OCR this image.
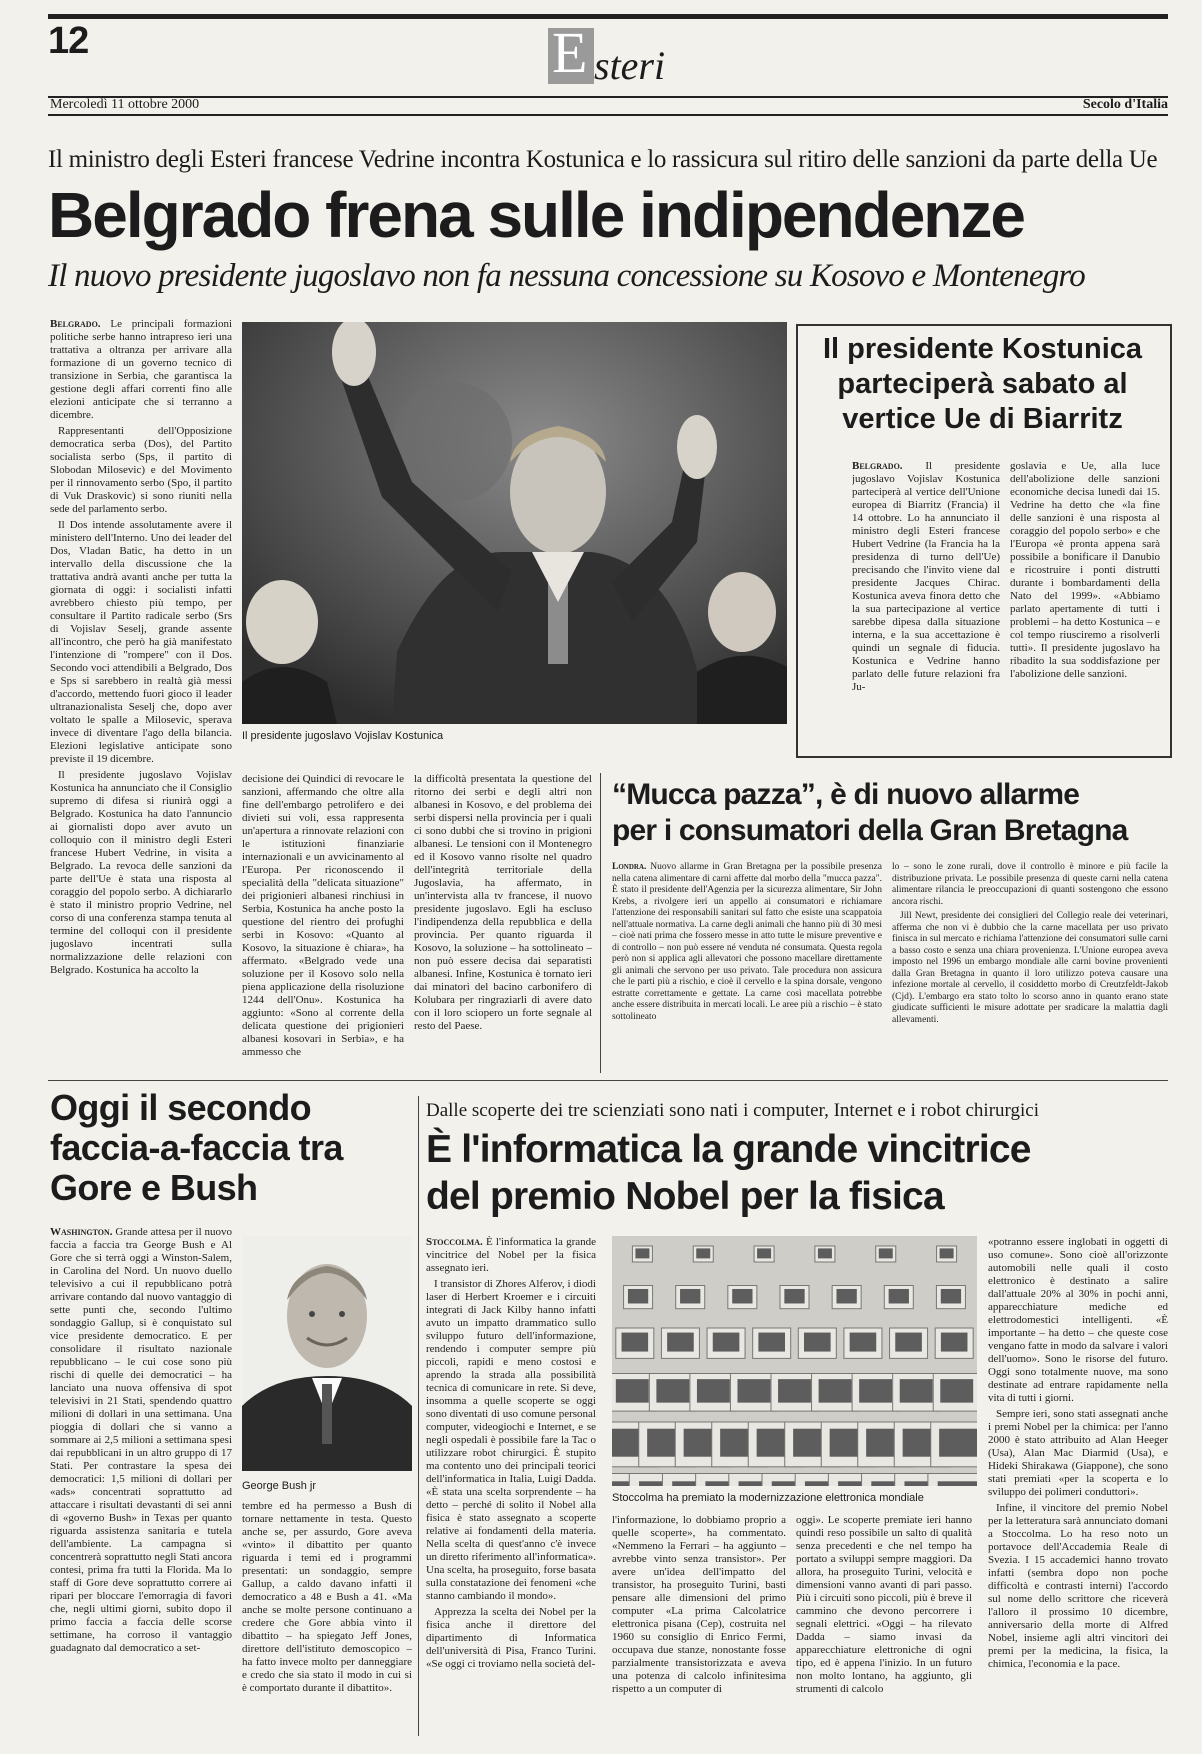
12	E steri
Mercoledì 11 ottobre 2000	Secolo d'Italia
Il ministro degli Esteri francese Vedrine incontra Kostunica e lo rassicura sul ritiro delle sanzioni da parte della Ue
Belgrado frena sulle indipendenze
Il nuovo presidente jugoslavo non fa nessuna concessione su Kosovo e Montenegro

Belgrado. Le principali formazioni politiche serbe hanno intrapreso ieri una trattativa a oltranza per arrivare alla formazione di un governo tecnico di transizione in Serbia, che garantisca la gestione degli affari correnti fino alle elezioni anticipate che si terranno a dicembre.

Rappresentanti dell'Opposizione democratica serba (Dos), del Partito socialista serbo (Sps, il partito di Slobodan Milosevic) e del Movimento per il rinnovamento serbo (Spo, il partito di Vuk Draskovic) si sono riuniti nella sede del parlamento serbo.

Il Dos intende assolutamente avere il ministero dell'Interno. Uno dei leader del Dos, Vladan Batic, ha detto in un intervallo della discussione che la trattativa andrà avanti anche per tutta la giornata di oggi: i socialisti infatti avrebbero chiesto più tempo, per consultare il Partito radicale serbo (Srs di Vojislav Seselj, grande assente all'incontro, che però ha già manifestato l'intenzione di "rompere" con il Dos. Secondo voci attendibili a Belgrado, Dos e Sps si sarebbero in realtà già messi d'accordo, mettendo fuori gioco il leader ultranazionalista Seselj che, dopo aver voltato le spalle a Milosevic, sperava invece di diventare l'ago della bilancia. Elezioni legislative anticipate sono previste il 19 dicembre.

Il presidente jugoslavo Vojislav Kostunica ha annunciato che il Consiglio supremo di difesa si riunirà oggi a Belgrado. Kostunica ha dato l'annuncio ai giornalisti dopo aver avuto un colloquio con il ministro degli Esteri francese Hubert Vedrine, in visita a Belgrado. La revoca delle sanzioni da parte dell'Ue è stata una risposta al coraggio del popolo serbo. A dichiararlo è stato il ministro proprio Vedrine, nel corso di una conferenza stampa tenuta al termine del colloqui con il presidente jugoslavo incentrati sulla normalizzazione delle relazioni con Belgrado. Kostunica ha accolto la

Il presidente jugoslavo Vojislav Kostunica

decisione dei Quindici di revocare le sanzioni, affermando che oltre alla fine dell'embargo petrolifero e dei divieti sui voli, essa rappresenta un'apertura a rinnovate relazioni con le istituzioni finanziarie internazionali e un avvicinamento al l'Europa. Per riconoscendo il specialità della "delicata situazione" dei prigionieri albanesi rinchiusi in Serbia, Kostunica ha anche posto la questione del rientro dei profughi serbi in Kosovo: «Quanto al Kosovo, la situazione è chiara», ha affermato. «Belgrado vede una soluzione per il Kosovo solo nella piena applicazione della risoluzione 1244 dell'Onu». Kostunica ha aggiunto: «Sono al corrente della delicata questione dei prigionieri albanesi kosovari in Serbia», e ha ammesso che

la difficoltà presentata la questione del ritorno dei serbi e degli altri non albanesi in Kosovo, e del problema dei serbi dispersi nella provincia per i quali ci sono dubbi che si trovino in prigioni albanesi. Le tensioni con il Montenegro ed il Kosovo vanno risolte nel quadro dell'integrità territoriale della Jugoslavia, ha affermato, in un'intervista alla tv francese, il nuovo presidente jugoslavo. Egli ha escluso l'indipendenza della repubblica e della provincia. Per quanto riguarda il Kosovo, la soluzione – ha sottolineato – non può essere decisa dai separatisti albanesi. Infine, Kostunica è tornato ieri dai minatori del bacino carbonifero di Kolubara per ringraziarli di avere dato con il loro sciopero un forte segnale al resto del Paese.

Il presidente Kostunica parteciperà sabato al vertice Ue di Biarritz

Belgrado. Il presidente jugoslavo Vojislav Kostunica parteciperà al vertice dell'Unione europea di Biarritz (Francia) il 14 ottobre. Lo ha annunciato il ministro degli Esteri francese Hubert Vedrine (la Francia ha la presidenza di turno dell'Ue) precisando che l'invito viene dal presidente Jacques Chirac. Kostunica aveva finora detto che la sua partecipazione al vertice sarebbe dipesa dalla situazione interna, e la sua accettazione è quindi un segnale di fiducia. Kostunica e Vedrine hanno parlato delle future relazioni fra Ju-

goslavia e Ue, alla luce dell'abolizione delle sanzioni economiche decisa lunedì dai 15. Vedrine ha detto che «la fine delle sanzioni è una risposta al coraggio del popolo serbo» e che l'Europa «è pronta appena sarà possibile a bonificare il Danubio e ricostruire i ponti distrutti durante i bombardamenti della Nato del 1999». «Abbiamo parlato apertamente di tutti i problemi – ha detto Kostunica – e col tempo riusciremo a risolverli tutti». Il presidente jugoslavo ha ribadito la sua soddisfazione per l'abolizione delle sanzioni.

“Mucca pazza”, è di nuovo allarme
per i consumatori della Gran Bretagna

Londra. Nuovo allarme in Gran Bretagna per la possibile presenza nella catena alimentare di carni affette dal morbo della "mucca pazza". È stato il presidente dell'Agenzia per la sicurezza alimentare, Sir John Krebs, a rivolgere ieri un appello ai consumatori e richiamare l'attenzione dei responsabili sanitari sul fatto che esiste una scappatoia nell'attuale normativa. La carne degli animali che hanno più di 30 mesi – cioè nati prima che fossero messe in atto tutte le misure preventive e di controllo – non può essere né venduta né consumata. Questa regola però non si applica agli allevatori che possono macellare direttamente gli animali che servono per uso privato. Tale procedura non assicura che le parti più a rischio, e cioè il cervello e la spina dorsale, vengono estratte correttamente e gettate. La carne così macellata potrebbe anche essere distribuita in mercati locali. Le aree più a rischio – è stato sottolineato

lo – sono le zone rurali, dove il controllo è minore e più facile la distribuzione privata. Le possibile presenza di queste carni nella catena alimentare rilancia le preoccupazioni di quanti sostengono che essono ancora rischi.

Jill Newt, presidente dei consiglieri del Collegio reale dei veterinari, afferma che non vi è dubbio che la carne macellata per uso privato finisca in sul mercato e richiama l'attenzione dei consumatori sulle carni a basso costo e senza una chiara provenienza. L'Unione europea aveva imposto nel 1996 un embargo mondiale alle carni bovine provenienti dalla Gran Bretagna in quanto il loro utilizzo poteva causare una infezione mortale al cervello, il cosiddetto morbo di Creutzfeldt-Jakob (Cjd). L'embargo era stato tolto lo scorso anno in quanto erano state giudicate sufficienti le misure adottate per sradicare la malattia dagli allevamenti.

Oggi il secondo faccia-a-faccia tra Gore e Bush

Washington. Grande attesa per il nuovo faccia a faccia tra George Bush e Al Gore che si terrà oggi a Winston-Salem, in Carolina del Nord. Un nuovo duello televisivo a cui il repubblicano potrà arrivare contando dal nuovo vantaggio di sette punti che, secondo l'ultimo sondaggio Gallup, si è conquistato sul vice presidente democratico. E per consolidare il risultato nazionale repubblicano – le cui cose sono più rischi di quelle dei democratici – ha lanciato una nuova offensiva di spot televisivi in 21 Stati, spendendo quattro milioni di dollari in una settimana. Una pioggia di dollari che si vanno a sommare ai 2,5 milioni a settimana spesi dai repubblicani in un altro gruppo di 17 Stati. Per contrastare la spesa dei democratici: 1,5 milioni di dollari per «ads» concentrati soprattutto ad attaccare i risultati devastanti di sei anni di «governo Bush» in Texas per quanto riguarda assistenza sanitaria e tutela dell'ambiente. La campagna si concentrerà soprattutto negli Stati ancora contesi, prima fra tutti la Florida. Ma lo staff di Gore deve soprattutto correre ai ripari per bloccare l'emorragia di favori che, negli ultimi giorni, subito dopo il primo faccia a faccia delle scorse settimane, ha corroso il vantaggio guadagnato dal democratico a set-

George Bush jr

tembre ed ha permesso a Bush di tornare nettamente in testa. Questo anche se, per assurdo, Gore aveva «vinto» il dibattito per quanto riguarda i temi ed i programmi presentati: un sondaggio, sempre Gallup, a caldo davano infatti il democratico a 48 e Bush a 41. «Ma anche se molte persone continuano a credere che Gore abbia vinto il dibattito – ha spiegato Jeff Jones, direttore dell'istituto demoscopico – ha fatto invece molto per danneggiare e credo che sia stato il modo in cui si è comportato durante il dibattito».

Dalle scoperte dei tre scienziati sono nati i computer, Internet e i robot chirurgici
È l'informatica la grande vincitrice
del premio Nobel per la fisica

Stoccolma. È l'informatica la grande vincitrice del Nobel per la fisica assegnato ieri.

I transistor di Zhores Alferov, i diodi laser di Herbert Kroemer e i circuiti integrati di Jack Kilby hanno infatti avuto un impatto drammatico sullo sviluppo futuro dell'informazione, rendendo i computer sempre più piccoli, rapidi e meno costosi e aprendo la strada alla possibilità tecnica di comunicare in rete. Si deve, insomma a quelle scoperte se oggi sono diventati di uso comune personal computer, videogiochi e Internet, e se negli ospedali è possibile fare la Tac o utilizzare robot chirurgici. È stupito ma contento uno dei principali teorici dell'informatica in Italia, Luigi Dadda. «È stata una scelta sorprendente – ha detto – perché di solito il Nobel alla fisica è stato assegnato a scoperte relative ai fondamenti della materia. Nella scelta di quest'anno c'è invece un diretto riferimento all'informatica». Una scelta, ha proseguito, forse basata sulla constatazione dei fenomeni «che stanno cambiando il mondo».

Apprezza la scelta dei Nobel per la fisica anche il direttore del dipartimento di Informatica dell'università di Pisa, Franco Turini. «Se oggi ci troviamo nella società del-

Stoccolma ha premiato la modernizzazione elettronica mondiale

l'informazione, lo dobbiamo proprio a quelle scoperte», ha commentato. «Nemmeno la Ferrari – ha aggiunto – avrebbe vinto senza transistor». Per avere un'idea dell'impatto del transistor, ha proseguito Turini, basti pensare alle dimensioni del primo computer «La prima Calcolatrice elettronica pisana (Cep), costruita nel 1960 su consiglio di Enrico Fermi, occupava due stanze, nonostante fosse parzialmente transistorizzata e aveva una potenza di calcolo infinitesima rispetto a un computer di

oggi». Le scoperte premiate ieri hanno quindi reso possibile un salto di qualità senza precedenti e che nel tempo ha portato a sviluppi sempre maggiori. Da allora, ha proseguito Turini, velocità e dimensioni vanno avanti di pari passo. Più i circuiti sono piccoli, più è breve il cammino che devono percorrere i segnali elettrici. «Oggi – ha rilevato Dadda – siamo invasi da apparecchiature elettroniche di ogni tipo, ed è appena l'inizio. In un futuro non molto lontano, ha aggiunto, gli strumenti di calcolo

«potranno essere inglobati in oggetti di uso comune». Sono cioè all'orizzonte automobili nelle quali il costo elettronico è destinato a salire dall'attuale 20% al 30% in pochi anni, apparecchiature mediche ed elettrodomestici intelligenti. «È importante – ha detto – che queste cose vengano fatte in modo da salvare i valori dell'uomo». Sono le risorse del futuro. Oggi sono totalmente nuove, ma sono destinate ad entrare rapidamente nella vita di tutti i giorni.

Sempre ieri, sono stati assegnati anche i premi Nobel per la chimica: per l'anno 2000 è stato attribuito ad Alan Heeger (Usa), Alan Mac Diarmid (Usa), e Hideki Shirakawa (Giappone), che sono stati premiati «per la scoperta e lo sviluppo dei polimeri conduttori».

Infine, il vincitore del premio Nobel per la letteratura sarà annunciato domani a Stoccolma. Lo ha reso noto un portavoce dell'Accademia Reale di Svezia. I 15 accademici hanno trovato infatti (sembra dopo non poche difficoltà e contrasti interni) l'accordo sul nome dello scrittore che riceverà l'alloro il prossimo 10 dicembre, anniversario della morte di Alfred Nobel, insieme agli altri vincitori dei premi per la medicina, la fisica, la chimica, l'economia e la pace.
